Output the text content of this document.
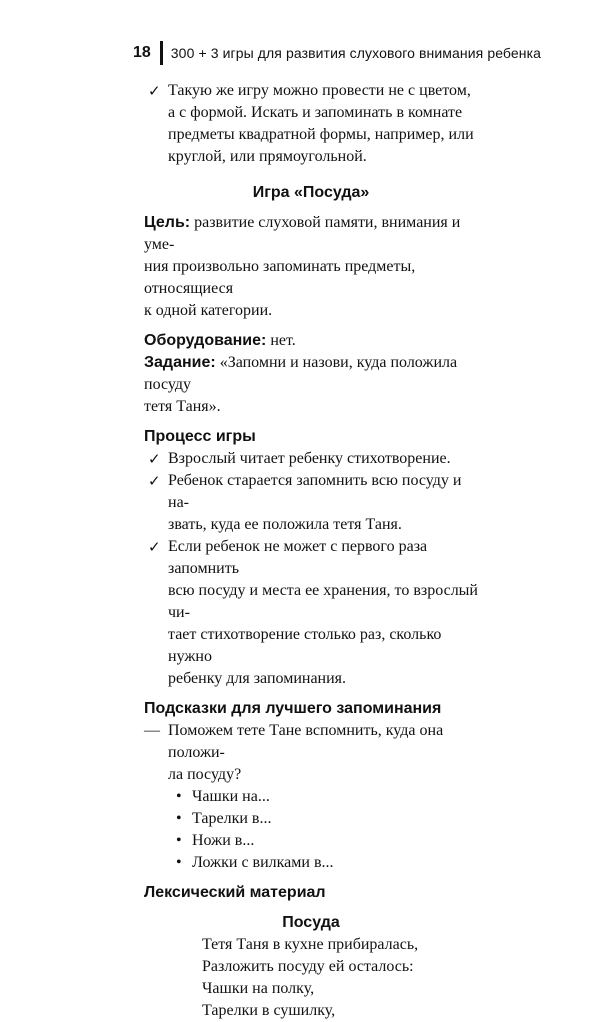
18	300 + 3 игры для развития слухового внимания ребенка
✓ Такую же игру можно провести не с цветом,
а с формой. Искать и запоминать в комнате
предметы квадратной формы, например, или
круглой, или прямоугольной.
Игра «Посуда»
Цель: развитие слуховой памяти, внимания и уме-
ния произвольно запоминать предметы, относящиеся
к одной категории.
Оборудование: нет.
Задание: «Запомни и назови, куда положила посуду
тетя Таня».
Процесс игры
✓ Взрослый читает ребенку стихотворение.
✓ Ребенок старается запомнить всю посуду и на-
звать, куда ее положила тетя Таня.
✓ Если ребенок не может с первого раза запомнить
всю посуду и места ее хранения, то взрослый чи-
тает стихотворение столько раз, сколько нужно
ребенку для запоминания.
Подсказки для лучшего запоминания
— Поможем тете Тане вспомнить, куда она положи-
ла посуду?
• Чашки на...
• Тарелки в...
• Ножи в...
• Ложки с вилками в...
Лексический материал
Посуда
Тетя Таня в кухне прибиралась,
Разложить посуду ей осталось:
Чашки на полку,
Тарелки в сушилку,
